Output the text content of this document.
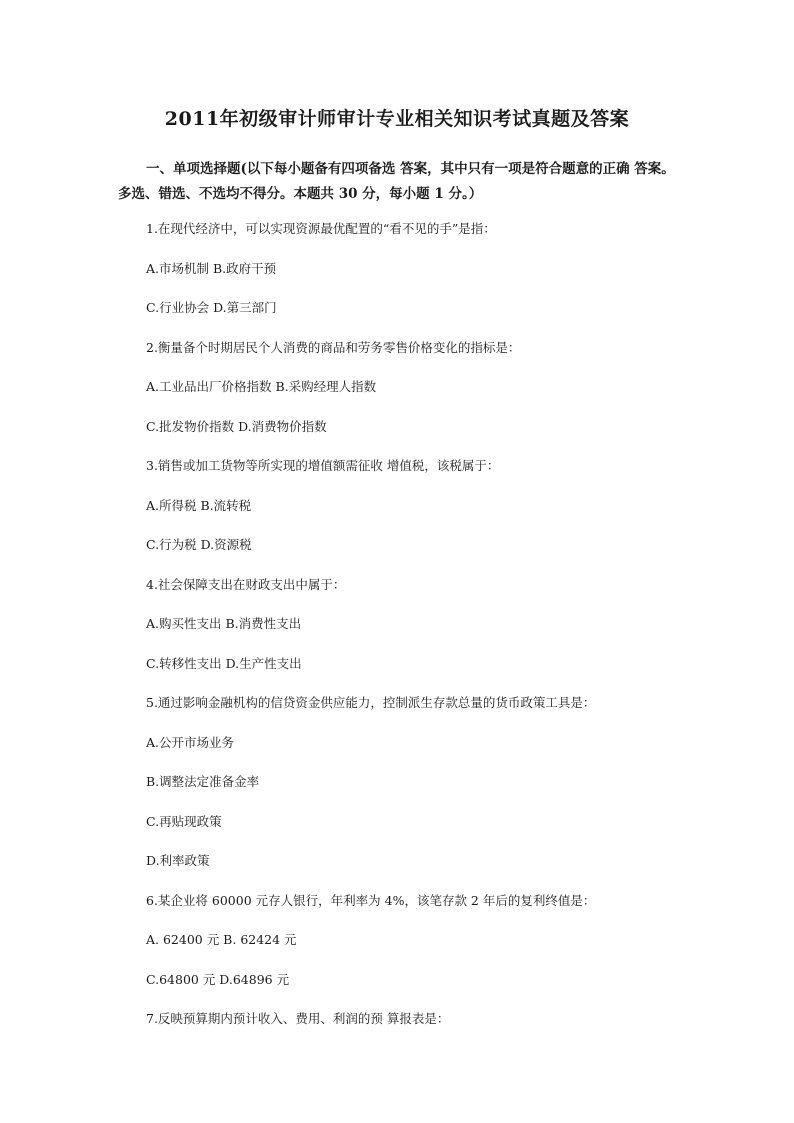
2011年初级审计师审计专业相关知识考试真题及答案
一、单项选择题(以下每小题备有四项备选 答案，其中只有一项是符合题意的正确 答案。多选、错选、不选均不得分。本题共 30 分，每小题 1 分。）
1.在现代经济中，可以实现资源最优配置的“看不见的手”是指：
A.市场机制 B.政府干预
C.行业协会 D.第三部门
2.衡量备个时期居民个人消费的商品和劳务零售价格变化的指标是：
A.工业品出厂价格指数 B.采购经理人指数
C.批发物价指数 D.消费物价指数
3.销售或加工货物等所实现的增值额需征收 增值税，该税属于：
A.所得税 B.流转税
C.行为税 D.资源税
4.社会保障支出在财政支出中属于：
A.购买性支出 B.消费性支出
C.转移性支出 D.生产性支出
5.通过影响金融机构的信贷资金供应能力，控制派生存款总量的货币政策工具是：
A.公开市场业务
B.调整法定准备金率
C.再贴现政策
D.利率政策
6.某企业将 60000 元存人银行，年利率为 4%，该笔存款 2 年后的复利终值是：
A. 62400 元 B. 62424 元
C.64800 元 D.64896 元
7.反映预算期内预计收入、费用、利润的预 算报表是：
